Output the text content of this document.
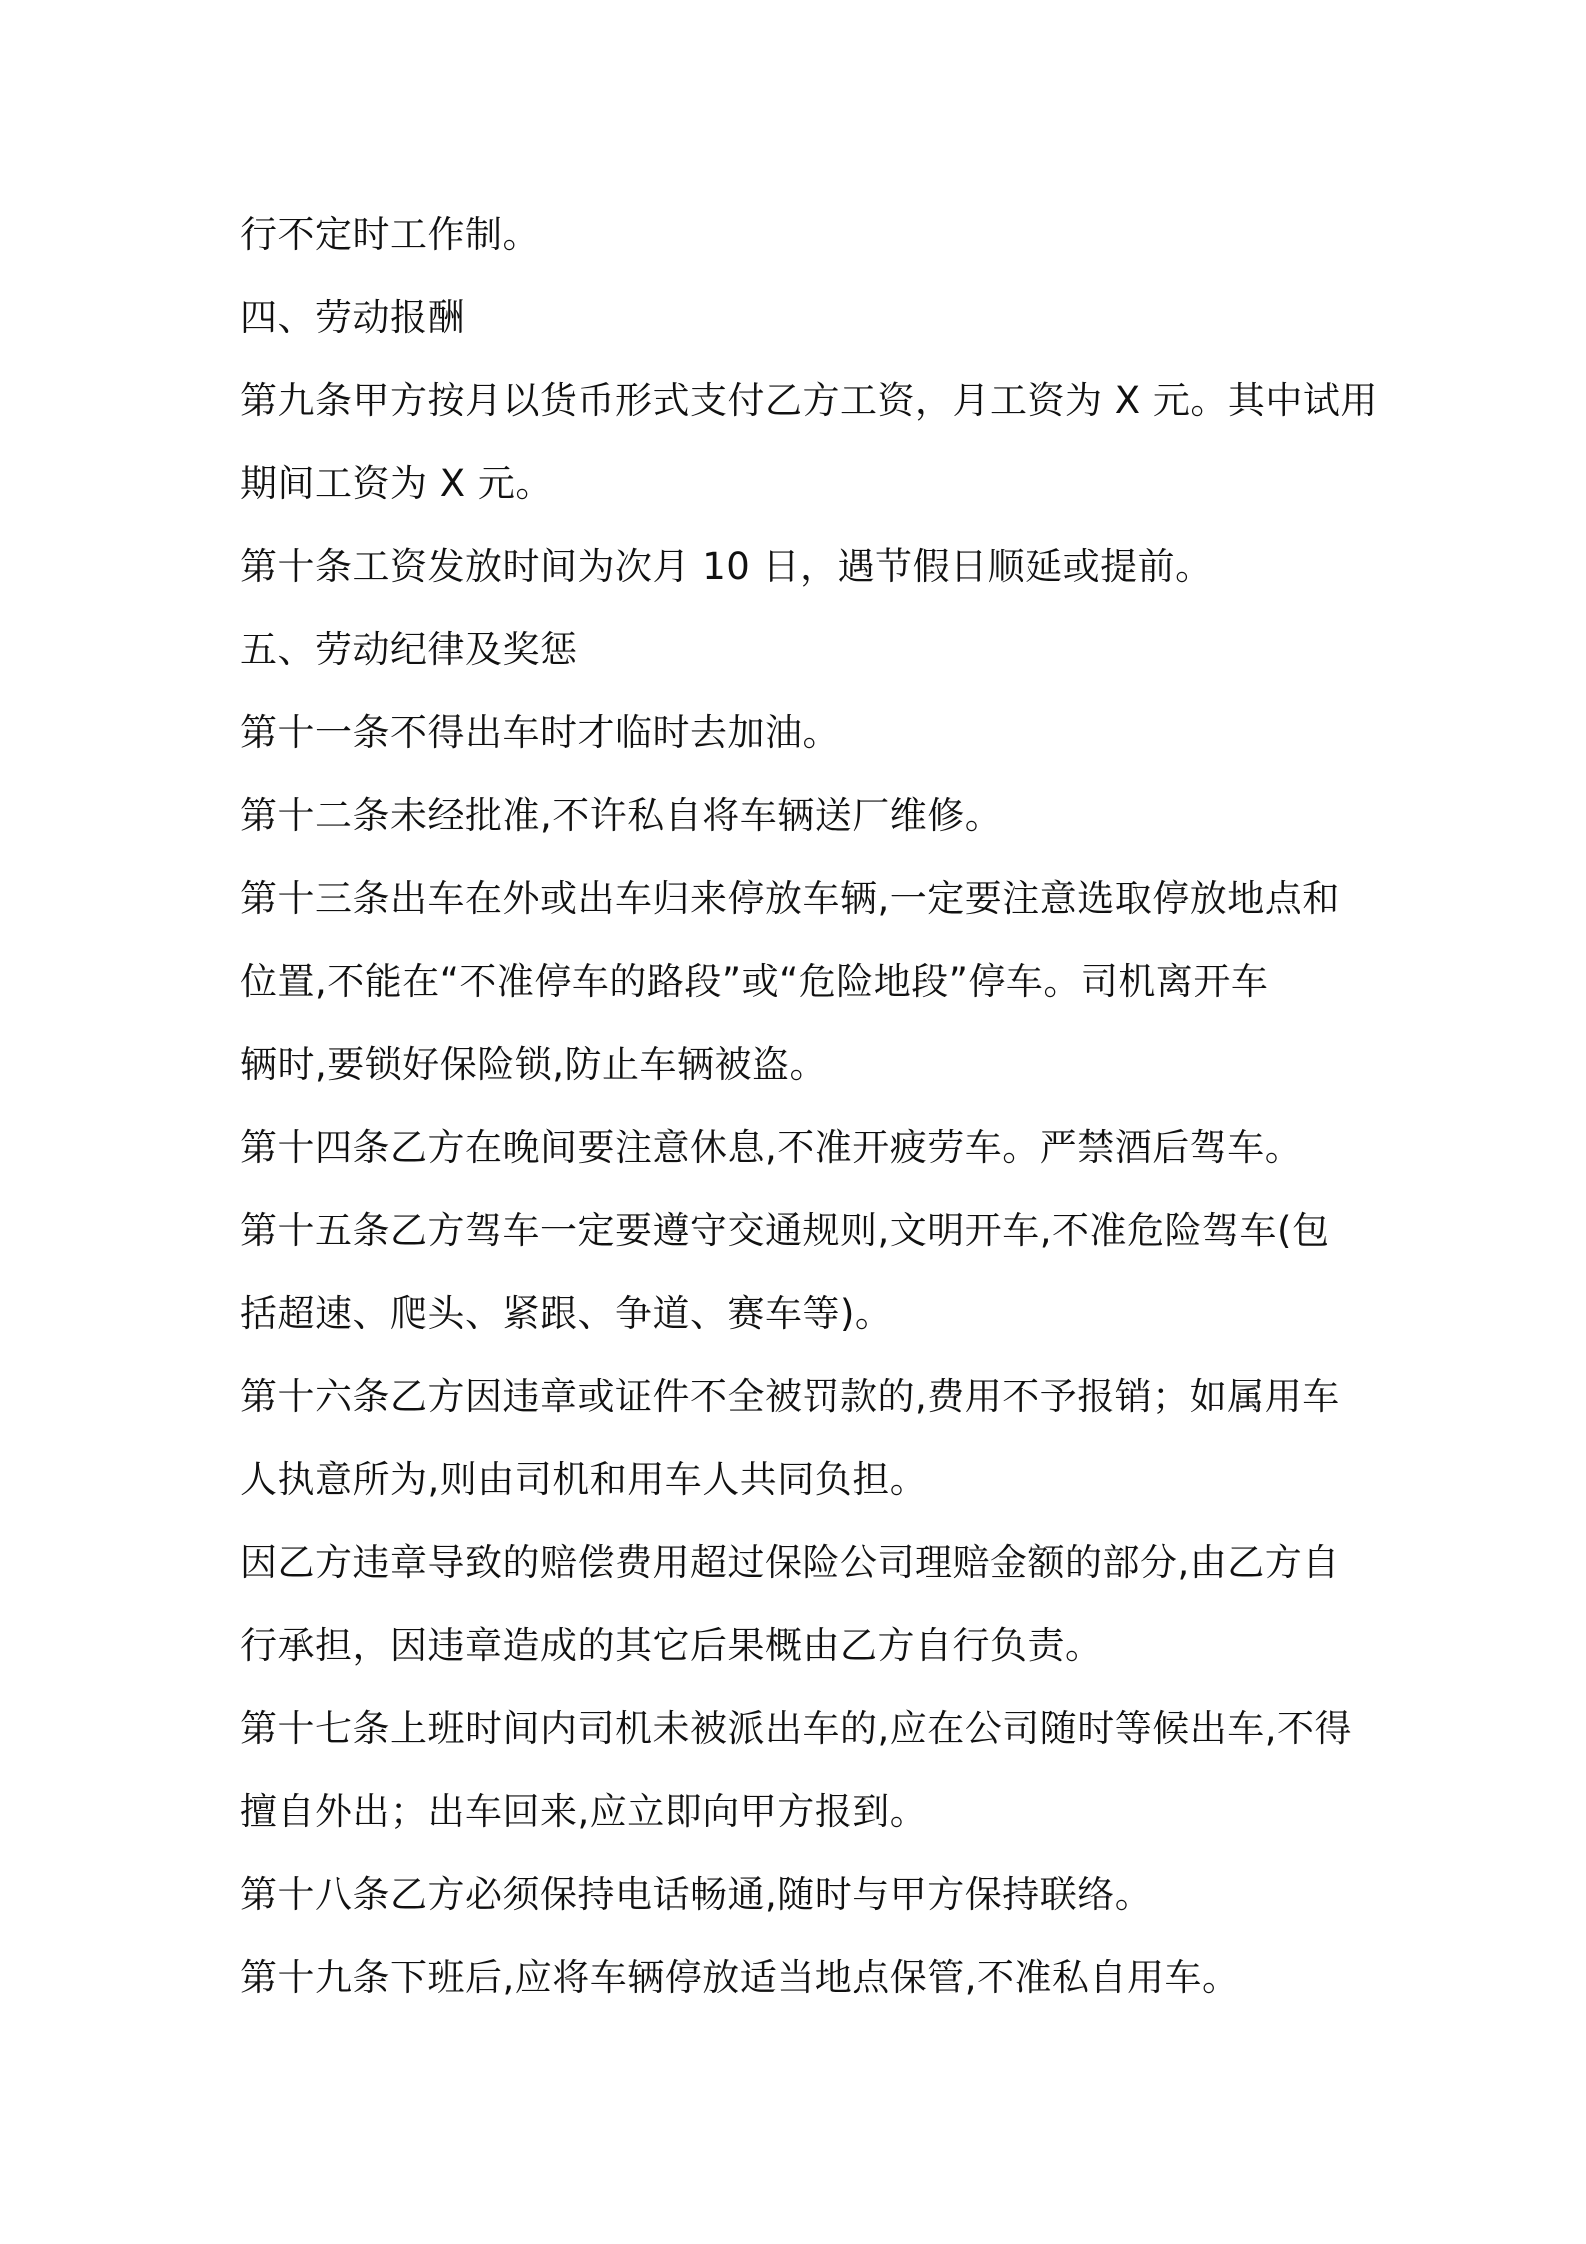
行不定时工作制。
四、劳动报酬
第九条甲方按月以货币形式支付乙方工资，月工资为 X 元。其中试用
期间工资为 X 元。
第十条工资发放时间为次月 10 日，遇节假日顺延或提前。
五、劳动纪律及奖惩
第十一条不得出车时才临时去加油。
第十二条未经批准,不许私自将车辆送厂维修。
第十三条出车在外或出车归来停放车辆,一定要注意选取停放地点和
位置,不能在“不准停车的路段”或“危险地段”停车。司机离开车
辆时,要锁好保险锁,防止车辆被盗。
第十四条乙方在晚间要注意休息,不准开疲劳车。严禁酒后驾车。
第十五条乙方驾车一定要遵守交通规则,文明开车,不准危险驾车(包
括超速、爬头、紧跟、争道、赛车等)。
第十六条乙方因违章或证件不全被罚款的,费用不予报销；如属用车
人执意所为,则由司机和用车人共同负担。
因乙方违章导致的赔偿费用超过保险公司理赔金额的部分,由乙方自
行承担，因违章造成的其它后果概由乙方自行负责。
第十七条上班时间内司机未被派出车的,应在公司随时等候出车,不得
擅自外出；出车回来,应立即向甲方报到。
第十八条乙方必须保持电话畅通,随时与甲方保持联络。
第十九条下班后,应将车辆停放适当地点保管,不准私自用车。
